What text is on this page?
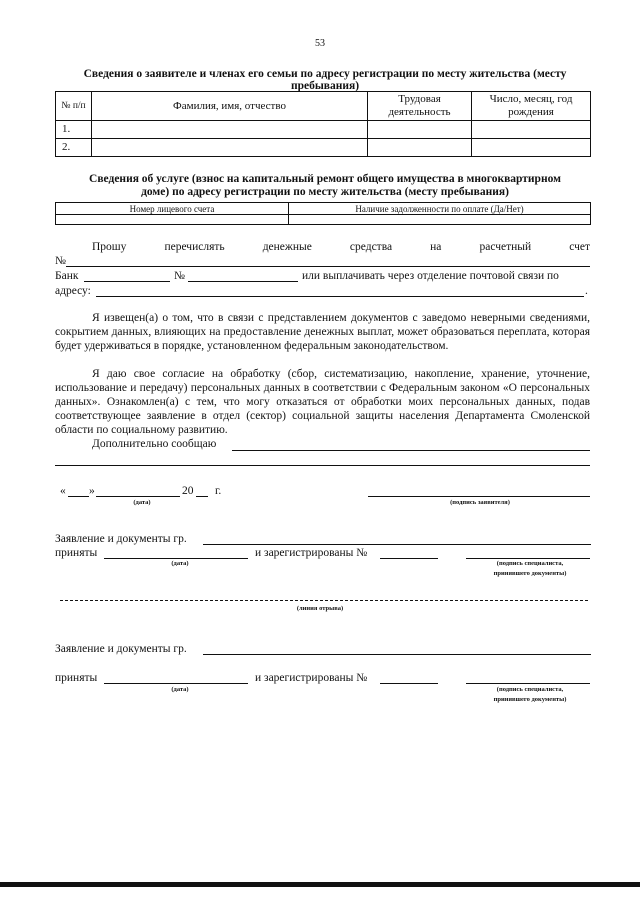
53
Сведения о заявителе и членах его семьи по адресу регистрации по месту жительства (месту
пребывания)
№ п/п	Фамилия, имя, отчество	Трудовая деятельность	Число, месяц, год рождения
1.			
2.			
Сведения об услуге (взнос на капитальный ремонт общего имущества в многоквартирном
доме) по адресу регистрации по месту жительства (месту пребывания)
Номер лицевого счета	Наличие задолженности по оплате (Да/Нет)

Прошу перечислять денежные средства на расчетный счет
№
Банк	№	или выплачивать через отделение почтовой связи по
адресу:	.
Я извещен(а) о том, что в связи с представлением документов с заведомо неверными сведениями, сокрытием данных, влияющих на предоставление денежных выплат, может образоваться переплата, которая будет удерживаться в порядке, установленном федеральным законодательством.
Я даю свое согласие на обработку (сбор, систематизацию, накопление, хранение, уточнение, использование и передачу) персональных данных в соответствии с Федеральным законом «О персональных данных». Ознакомлен(а) с тем, что могу отказаться от обработки моих персональных данных, подав соответствующее заявление в отдел (сектор) социальной защиты населения Департамента Смоленской области по социальному развитию.
Дополнительно сообщаю
« »	20 г.
(дата)	(подпись заявителя)
Заявление и документы гр.
приняты	и зарегистрированы №
(дата)	(подпись специалиста,
принявшего документы)
(линия отрыва)
Заявление и документы гр.
приняты	и зарегистрированы №
(дата)	(подпись специалиста,
принявшего документы)
